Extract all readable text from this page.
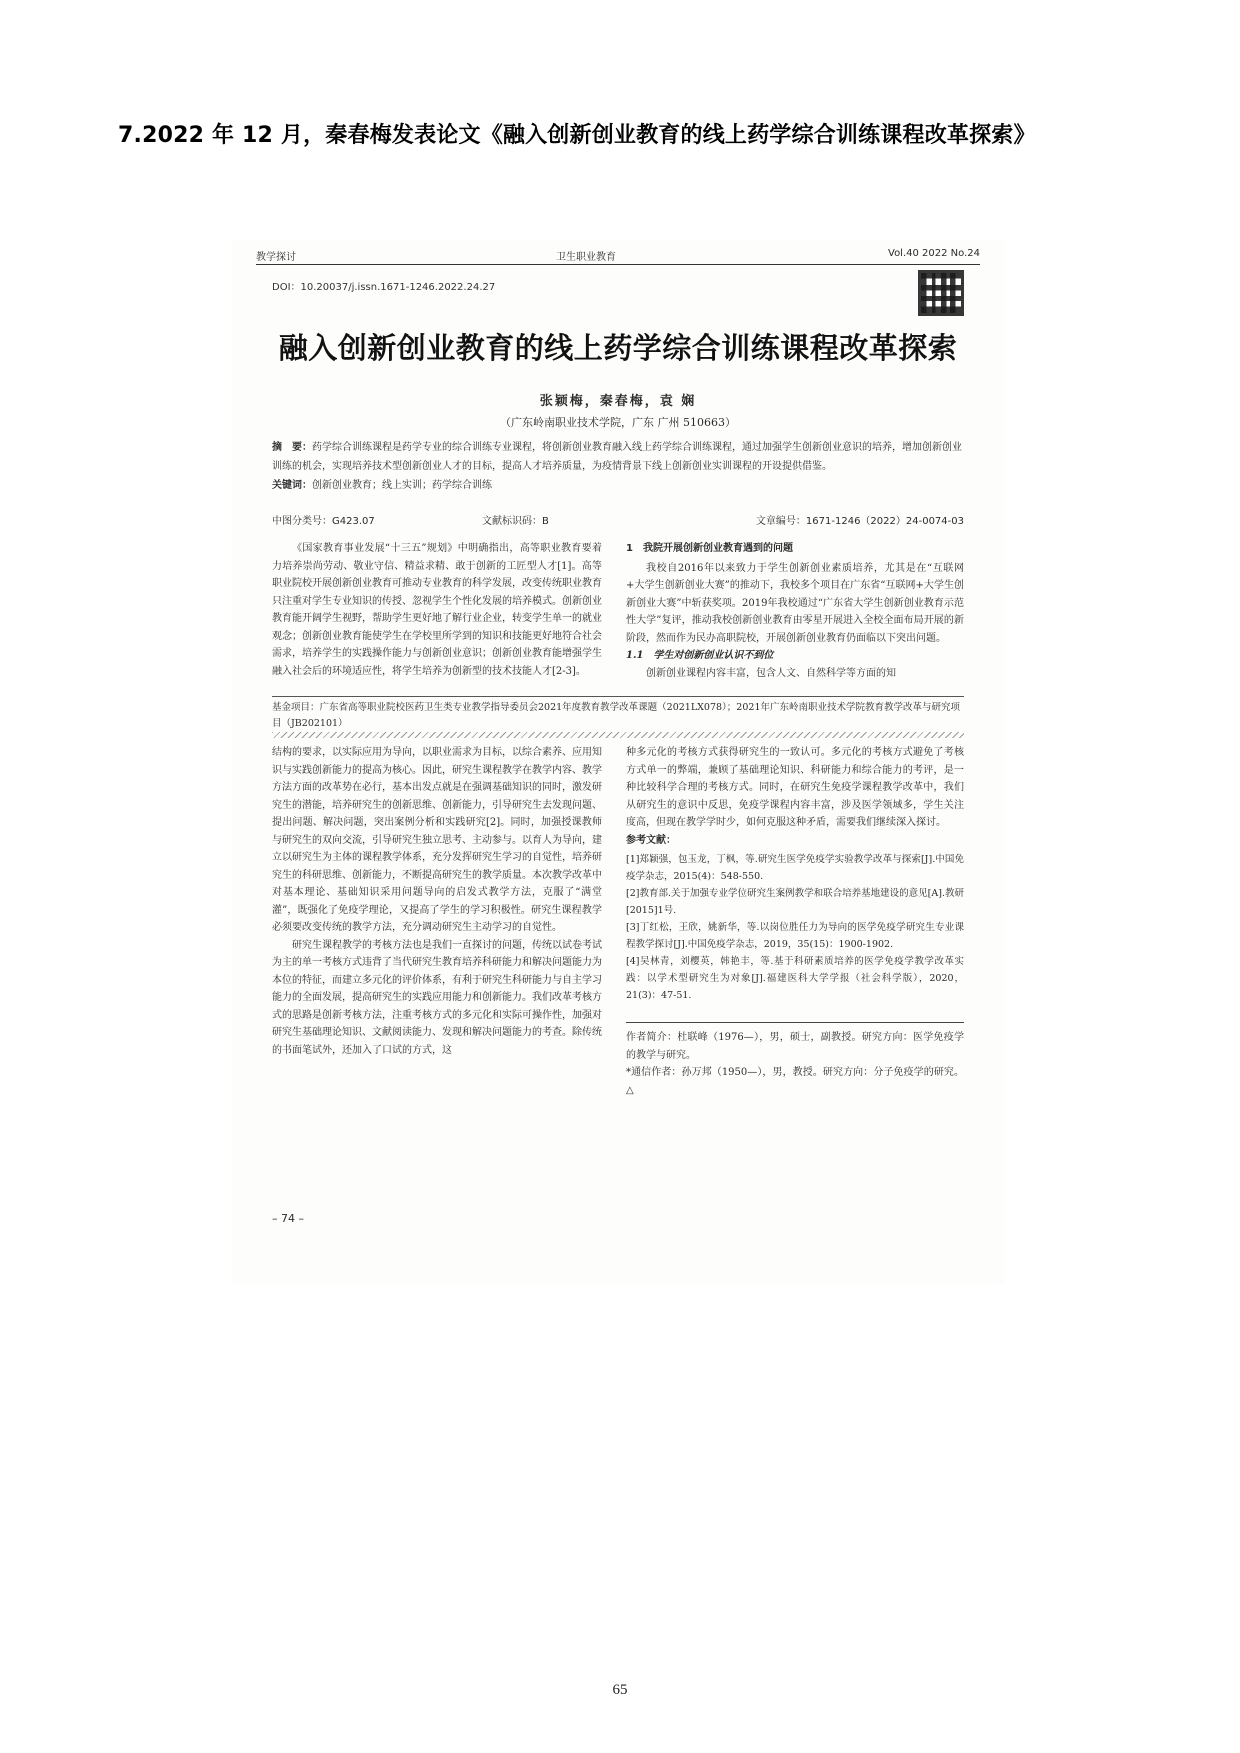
7.2022 年 12 月，秦春梅发表论文《融入创新创业教育的线上药学综合训练课程改革探索》
教学探讨	卫生职业教育	Vol.40 2022 No.24
DOI：10.20037/j.issn.1671-1246.2022.24.27
融入创新创业教育的线上药学综合训练课程改革探索
张颖梅，秦春梅，袁 娴
（广东岭南职业技术学院，广东 广州 510663）
摘　要：药学综合训练课程是药学专业的综合训练专业课程，将创新创业教育融入线上药学综合训练课程，通过加强学生创新创业意识的培养，增加创新创业训练的机会，实现培养技术型创新创业人才的目标，提高人才培养质量，为疫情背景下线上创新创业实训课程的开设提供借鉴。
关键词：创新创业教育；线上实训；药学综合训练
中图分类号：G423.07	文献标识码：B	文章编号：1671-1246（2022）24-0074-03

《国家教育事业发展“十三五”规划》中明确指出，高等职业教育要着力培养崇尚劳动、敬业守信、精益求精、敢于创新的工匠型人才[1]。高等职业院校开展创新创业教育可推动专业教育的科学发展，改变传统职业教育只注重对学生专业知识的传授、忽视学生个性化发展的培养模式。创新创业教育能开阔学生视野，帮助学生更好地了解行业企业，转变学生单一的就业观念；创新创业教育能使学生在学校里所学到的知识和技能更好地符合社会需求，培养学生的实践操作能力与创新创业意识；创新创业教育能增强学生融入社会后的环境适应性，将学生培养为创新型的技术技能人才[2-3]。

1　我院开展创新创业教育遇到的问题

我校自2016年以来致力于学生创新创业素质培养，尤其是在“互联网+大学生创新创业大赛”的推动下，我校多个项目在广东省“互联网+大学生创新创业大赛”中斩获奖项。2019年我校通过“广东省大学生创新创业教育示范性大学”复评，推动我校创新创业教育由零星开展进入全校全面布局开展的新阶段，然而作为民办高职院校，开展创新创业教育仍面临以下突出问题。

1.1　学生对创新创业认识不到位

创新创业课程内容丰富，包含人文、自然科学等方面的知

基金项目：广东省高等职业院校医药卫生类专业教学指导委员会2021年度教育教学改革课题（2021LX078）；2021年广东岭南职业技术学院教育教学改革与研究项目（JB202101）

结构的要求，以实际应用为导向，以职业需求为目标，以综合素养、应用知识与实践创新能力的提高为核心。因此，研究生课程教学在教学内容、教学方法方面的改革势在必行，基本出发点就是在强调基础知识的同时，激发研究生的潜能，培养研究生的创新思维、创新能力，引导研究生去发现问题、提出问题、解决问题，突出案例分析和实践研究[2]。同时，加强授课教师与研究生的双向交流，引导研究生独立思考、主动参与。以育人为导向，建立以研究生为主体的课程教学体系，充分发挥研究生学习的自觉性，培养研究生的科研思维、创新能力，不断提高研究生的教学质量。本次教学改革中对基本理论、基础知识采用问题导向的启发式教学方法，克服了“满堂灌”，既强化了免疫学理论，又提高了学生的学习积极性。研究生课程教学必须要改变传统的教学方法，充分调动研究生主动学习的自觉性。

研究生课程教学的考核方法也是我们一直探讨的问题，传统以试卷考试为主的单一考核方式违背了当代研究生教育培养科研能力和解决问题能力为本位的特征，而建立多元化的评价体系，有利于研究生科研能力与自主学习能力的全面发展，提高研究生的实践应用能力和创新能力。我们改革考核方式的思路是创新考核方法，注重考核方式的多元化和实际可操作性，加强对研究生基础理论知识、文献阅读能力、发现和解决问题能力的考查。除传统的书面笔试外，还加入了口试的方式，这

种多元化的考核方式获得研究生的一致认可。多元化的考核方式避免了考核方式单一的弊端，兼顾了基础理论知识、科研能力和综合能力的考评，是一种比较科学合理的考核方式。同时，在研究生免疫学课程教学改革中，我们从研究生的意识中反思，免疫学课程内容丰富，涉及医学领域多，学生关注度高，但现在教学学时少，如何克服这种矛盾，需要我们继续深入探讨。

参考文献：

[1]郑颖强，包玉龙，丁枫，等.研究生医学免疫学实验教学改革与探索[J].中国免疫学杂志，2015(4)：548-550.
[2]教育部.关于加强专业学位研究生案例教学和联合培养基地建设的意见[A].教研[2015]1号.
[3]丁红松，王欣，姚新华，等.以岗位胜任力为导向的医学免疫学研究生专业课程教学探讨[J].中国免疫学杂志，2019，35(15)：1900-1902.
[4]吴林青，刘樱英，韩艳丰，等.基于科研素质培养的医学免疫学教学改革实践：以学术型研究生为对象[J].福建医科大学学报（社会科学版），2020，21(3)：47-51.

作者简介：杜联峰（1976—），男，硕士，副教授。研究方向：医学免疫学的教学与研究。

*通信作者：孙万邦（1950—），男，教授。研究方向：分子免疫学的研究。△

– 74 –
65
